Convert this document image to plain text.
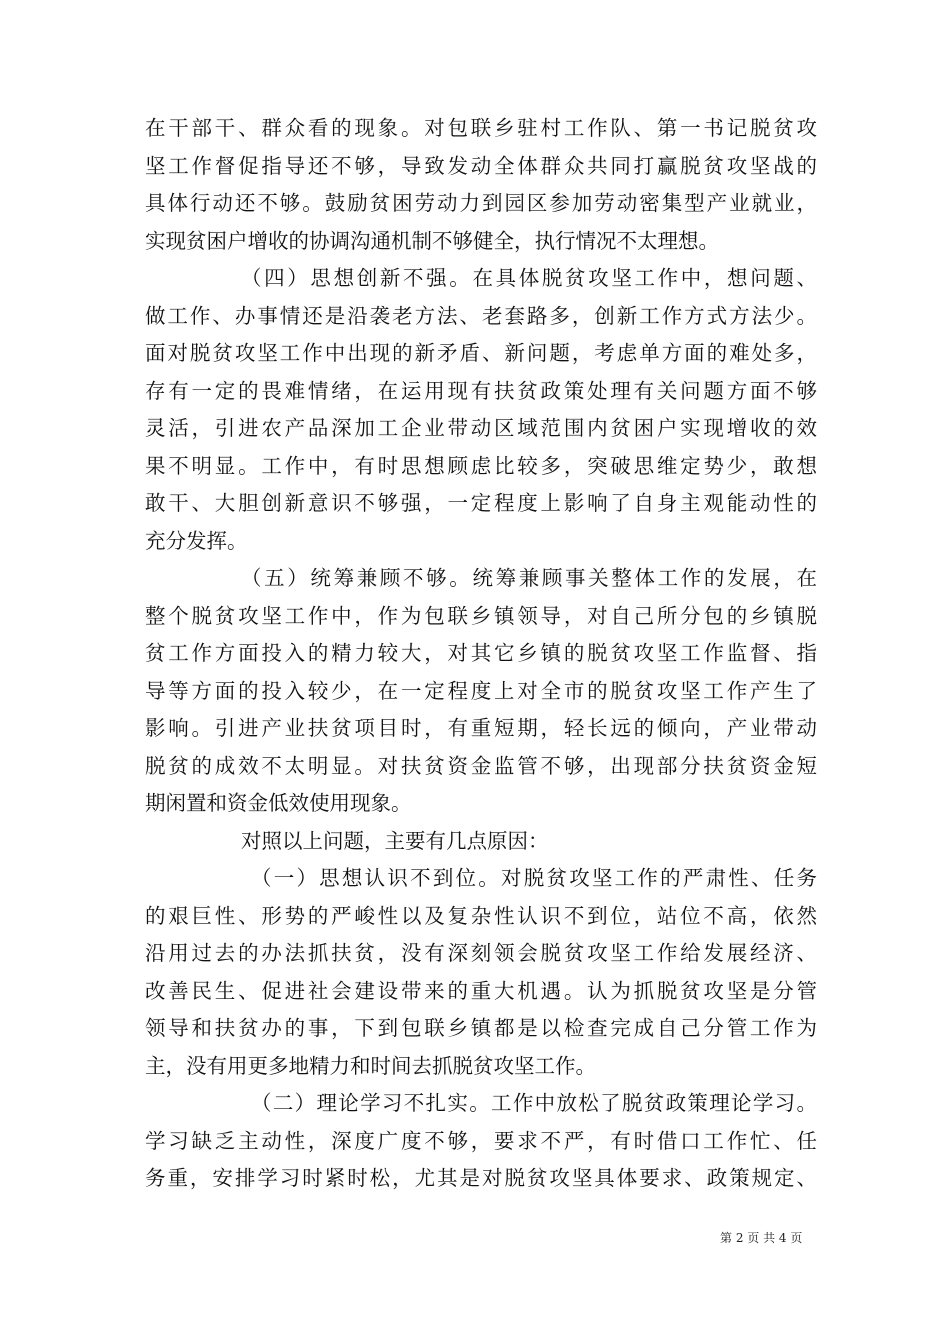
在干部干、群众看的现象。对包联乡驻村工作队、第一书记脱贫攻
坚工作督促指导还不够，导致发动全体群众共同打赢脱贫攻坚战的
具体行动还不够。鼓励贫困劳动力到园区参加劳动密集型产业就业，
实现贫困户增收的协调沟通机制不够健全，执行情况不太理想。
（四）思想创新不强。在具体脱贫攻坚工作中，想问题、
做工作、办事情还是沿袭老方法、老套路多，创新工作方式方法少。
面对脱贫攻坚工作中出现的新矛盾、新问题，考虑单方面的难处多，
存有一定的畏难情绪，在运用现有扶贫政策处理有关问题方面不够
灵活，引进农产品深加工企业带动区域范围内贫困户实现增收的效
果不明显。工作中，有时思想顾虑比较多，突破思维定势少，敢想
敢干、大胆创新意识不够强，一定程度上影响了自身主观能动性的
充分发挥。
（五）统筹兼顾不够。统筹兼顾事关整体工作的发展，在
整个脱贫攻坚工作中，作为包联乡镇领导，对自己所分包的乡镇脱
贫工作方面投入的精力较大，对其它乡镇的脱贫攻坚工作监督、指
导等方面的投入较少，在一定程度上对全市的脱贫攻坚工作产生了
影响。引进产业扶贫项目时，有重短期，轻长远的倾向，产业带动
脱贫的成效不太明显。对扶贫资金监管不够，出现部分扶贫资金短
期闲置和资金低效使用现象。
对照以上问题，主要有几点原因：
（一）思想认识不到位。对脱贫攻坚工作的严肃性、任务
的艰巨性、形势的严峻性以及复杂性认识不到位，站位不高，依然
沿用过去的办法抓扶贫，没有深刻领会脱贫攻坚工作给发展经济、
改善民生、促进社会建设带来的重大机遇。认为抓脱贫攻坚是分管
领导和扶贫办的事，下到包联乡镇都是以检查完成自己分管工作为
主，没有用更多地精力和时间去抓脱贫攻坚工作。
（二）理论学习不扎实。工作中放松了脱贫政策理论学习。
学习缺乏主动性，深度广度不够，要求不严，有时借口工作忙、任
务重，安排学习时紧时松，尤其是对脱贫攻坚具体要求、政策规定、
第 2 页 共 4 页
